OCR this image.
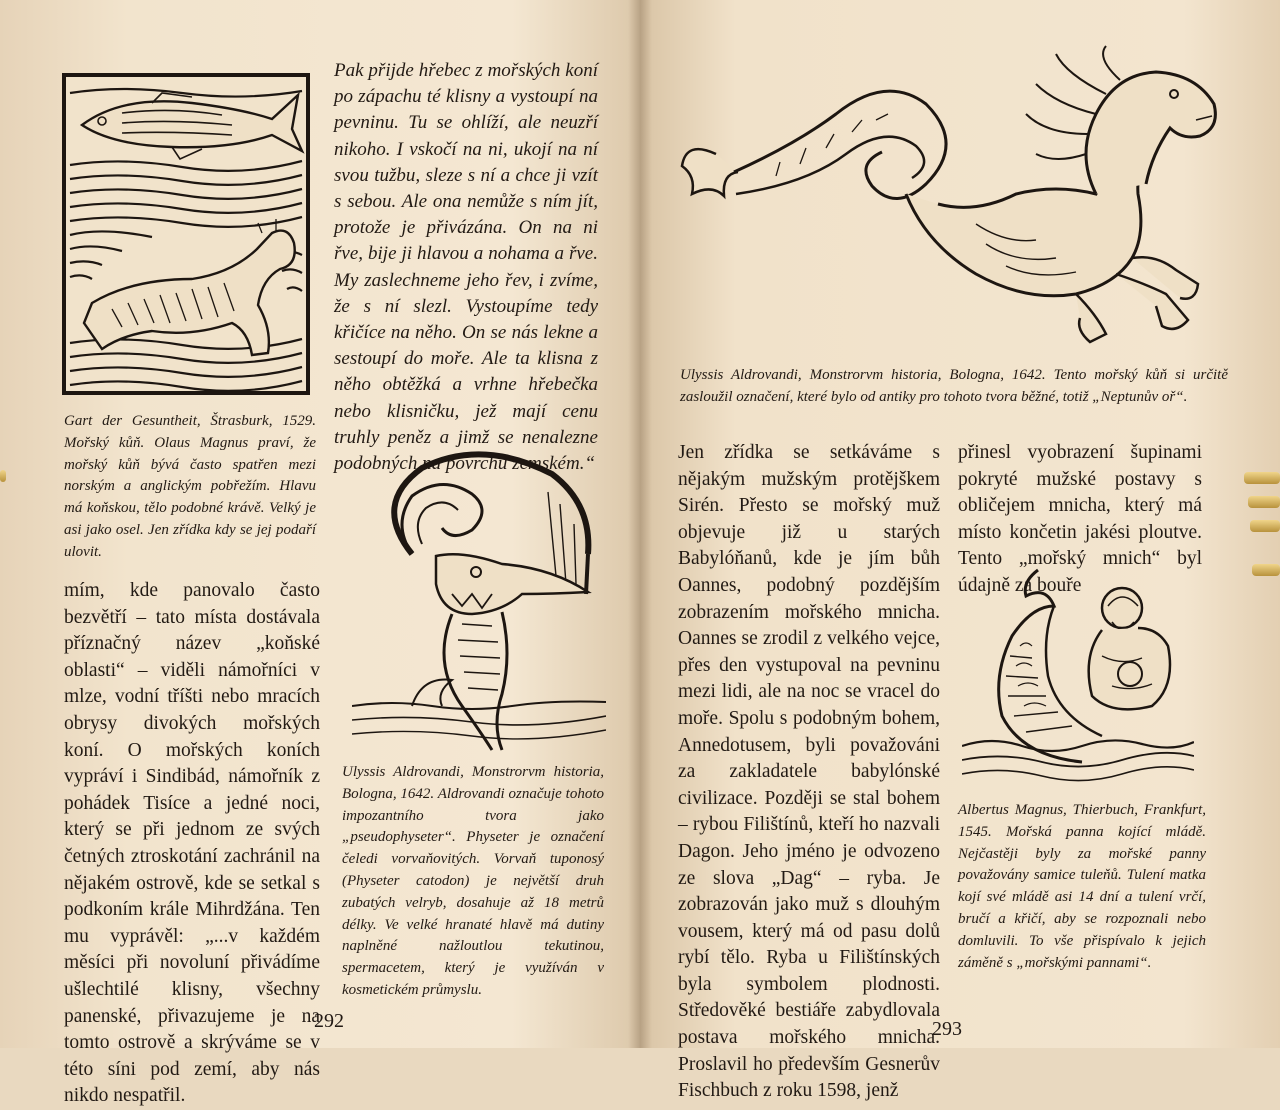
Gart der Gesuntheit, Štrasburk, 1529. Mořský kůň. Olaus Magnus praví, že mořský kůň bývá často spatřen mezi norským a anglickým pobřežím. Hlavu má koňskou, tělo podobné krávě. Velký je asi jako osel. Jen zřídka kdy se jej podaří ulovit.
Pak přijde hřebec z mořských koní po zápachu té klisny a vystoupí na pevninu. Tu se ohlíží, ale neuzří nikoho. I vskočí na ni, ukojí na ní svou tužbu, sleze s ní a chce ji vzít s sebou. Ale ona nemůže s ním jít, protože je přivázána. On na ni řve, bije ji hlavou a nohama a řve. My zaslechneme jeho řev, i zvíme, že s ní slezl. Vystoupíme tedy křičíce na něho. On se nás lekne a sestoupí do moře. Ale ta klisna z něho obtěžká a vrhne hřebečka nebo klisničku, jež mají cenu truhly peněz a jimž se nenalezne podobných na povrchu zemském.“
Ulyssis Aldrovandi, Monstrorvm historia, Bologna, 1642. Aldrovandi označuje tohoto impozantního tvora jako „pseudophyseter“. Physeter je označení čeledi vorvaňovitých. Vorvaň tuponosý (Physeter catodon) je největší druh zubatých velryb, dosahuje až 18 metrů délky. Ve velké hranaté hlavě má dutiny naplněné nažloutlou tekutinou, spermacetem, který je využíván v kosmetickém průmyslu.
mím, kde panovalo často bezvětří – tato místa dostávala příznačný název „koňské oblasti“ – viděli námořníci v mlze, vodní tříšti nebo mracích obrysy divokých mořských koní. O mořských koních vypráví i Sindibád, námořník z pohádek Tisíce a jedné noci, který se při jednom ze svých četných ztroskotání zachránil na nějakém ostrově, kde se setkal s podkoním krále Mihrdžána. Ten mu vyprávěl: „...v každém měsíci při novoluní přivádíme ušlechtilé klisny, všechny panenské, přivazujeme je na tomto ostrově a skrýváme se v této síni pod zemí, aby nás nikdo nespatřil.
292
Ulyssis Aldrovandi, Monstrorvm historia, Bologna, 1642. Tento mořský kůň si určitě zasloužil označení, které bylo od antiky pro tohoto tvora běžné, totiž „Neptunův oř“.
Jen zřídka se setkáváme s nějakým mužským protějškem Sirén. Přesto se mořský muž objevuje již u starých Babylóňanů, kde je jím bůh Oannes, podobný pozdějším zobrazením mořského mnicha. Oannes se zrodil z velkého vejce, přes den vystupoval na pevninu mezi lidi, ale na noc se vracel do moře. Spolu s podobným bohem, Annedotusem, byli považováni za zakladatele babylónské civilizace. Později se stal bohem – rybou Filištínů, kteří ho nazvali Dagon. Jeho jméno je odvozeno ze slova „Dag“ – ryba. Je zobrazován jako muž s dlouhým vousem, který má od pasu dolů rybí tělo. Ryba u Filištínských byla symbolem plodnosti. Středověké bestiáře zabydlovala postava mořského mnicha. Proslavil ho především Gesnerův Fischbuch z roku 1598, jenž
přinesl vyobrazení šupinami pokryté mužské postavy s obličejem mnicha, který má místo končetin jakési ploutve. Tento „mořský mnich“ byl údajně za bouře
Albertus Magnus, Thierbuch, Frankfurt, 1545. Mořská panna kojící mládě. Nejčastěji byly za mořské panny považovány samice tuleňů. Tulení matka kojí své mládě asi 14 dní a tulení vrčí, bručí a křičí, aby se rozpoznali nebo domluvili. To vše přispívalo k jejich záměně s „mořskými pannami“.
293
